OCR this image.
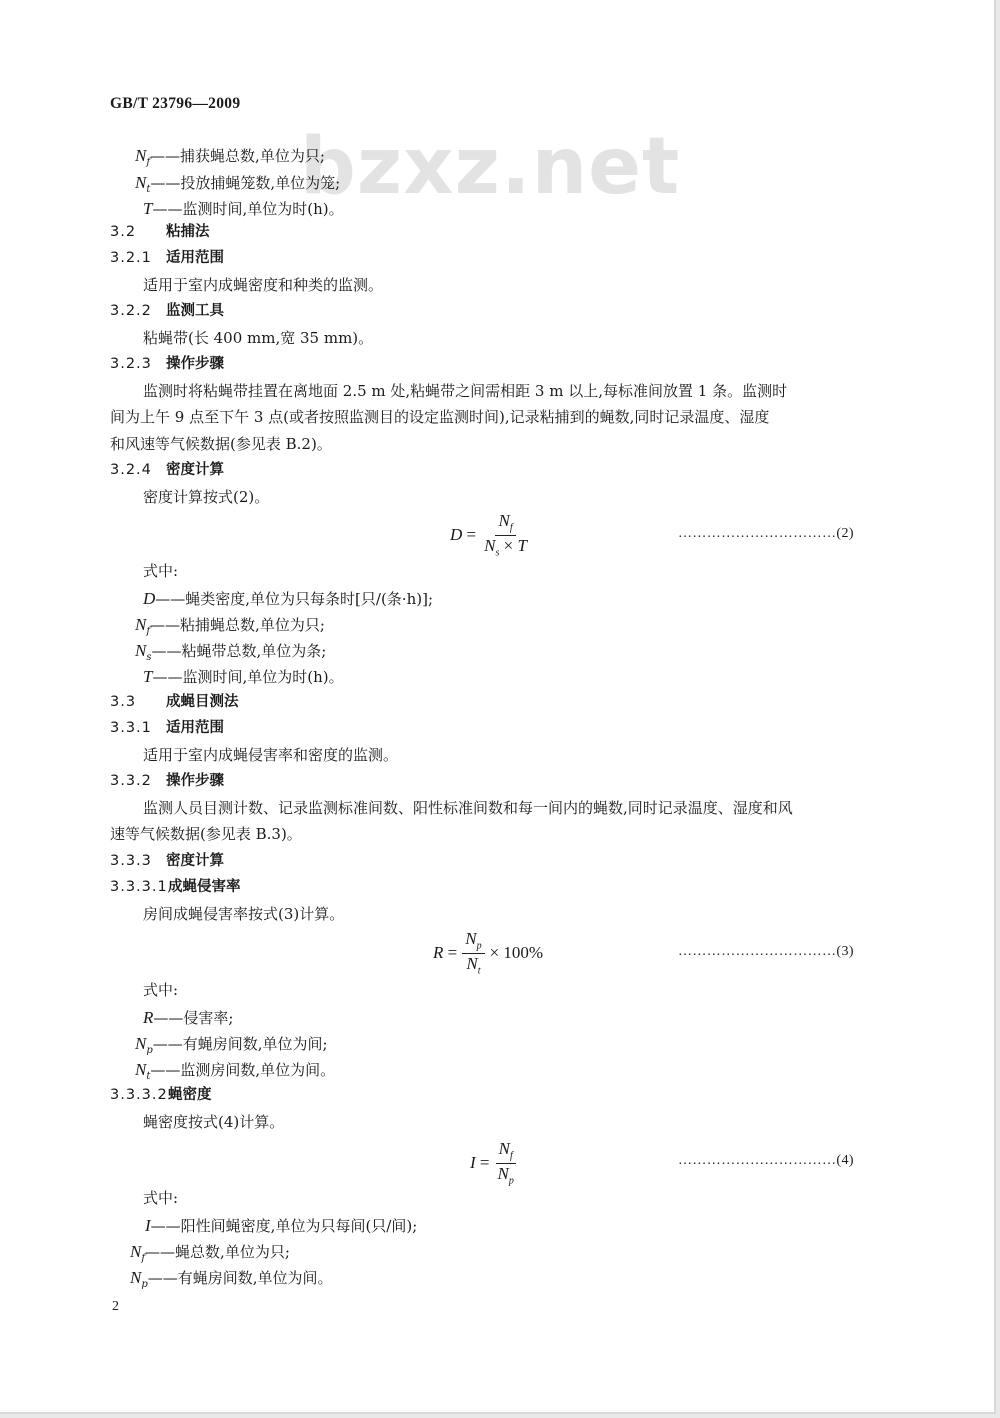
bzxz.net
GB/T 23796—2009
$N_f——$捕获蝇总数,单位为只;
$N_t——$投放捕蝇笼数,单位为笼;
T——监测时间,单位为时(h)。
3.2 粘捕法
3.2.1 适用范围
适用于室内成蝇密度和种类的监测。
3.2.2 监测工具
粘蝇带(长 400 mm,宽 35 mm)。
3.2.3 操作步骤
监测时将粘蝇带挂置在离地面 2.5 m 处,粘蝇带之间需相距 3 m 以上,每标准间放置 1 条。监测时
间为上午 9 点至下午 3 点(或者按照监测目的设定监测时间),记录粘捕到的蝇数,同时记录温度、湿度
和风速等气候数据(参见表 B.2)。
3.2.4 密度计算
密度计算按式(2)。
$D = \frac{N_f}{N_s \times T}$	……………………………(2)
式中:
D——蝇类密度,单位为只每条时[只/(条·h)];
$N_f——$粘捕蝇总数,单位为只;
$N_s——$粘蝇带总数,单位为条;
T——监测时间,单位为时(h)。
3.3 成蝇目测法
3.3.1 适用范围
适用于室内成蝇侵害率和密度的监测。
3.3.2 操作步骤
监测人员目测计数、记录监测标准间数、阳性标准间数和每一间内的蝇数,同时记录温度、湿度和风
速等气候数据(参见表 B.3)。
3.3.3 密度计算
3.3.3.1成蝇侵害率
房间成蝇侵害率按式(3)计算。
$R = \frac{N_p}{N_t} \times 100\%$	……………………………(3)
式中:
R——侵害率;
$N_p——$有蝇房间数,单位为间;
$N_t——$监测房间数,单位为间。
3.3.3.2蝇密度
蝇密度按式(4)计算。
$I = \frac{N_f}{N_p}$	……………………………(4)
式中:
I——阳性间蝇密度,单位为只每间(只/间);
$N_f——$蝇总数,单位为只;
$N_p——$有蝇房间数,单位为间。
2
